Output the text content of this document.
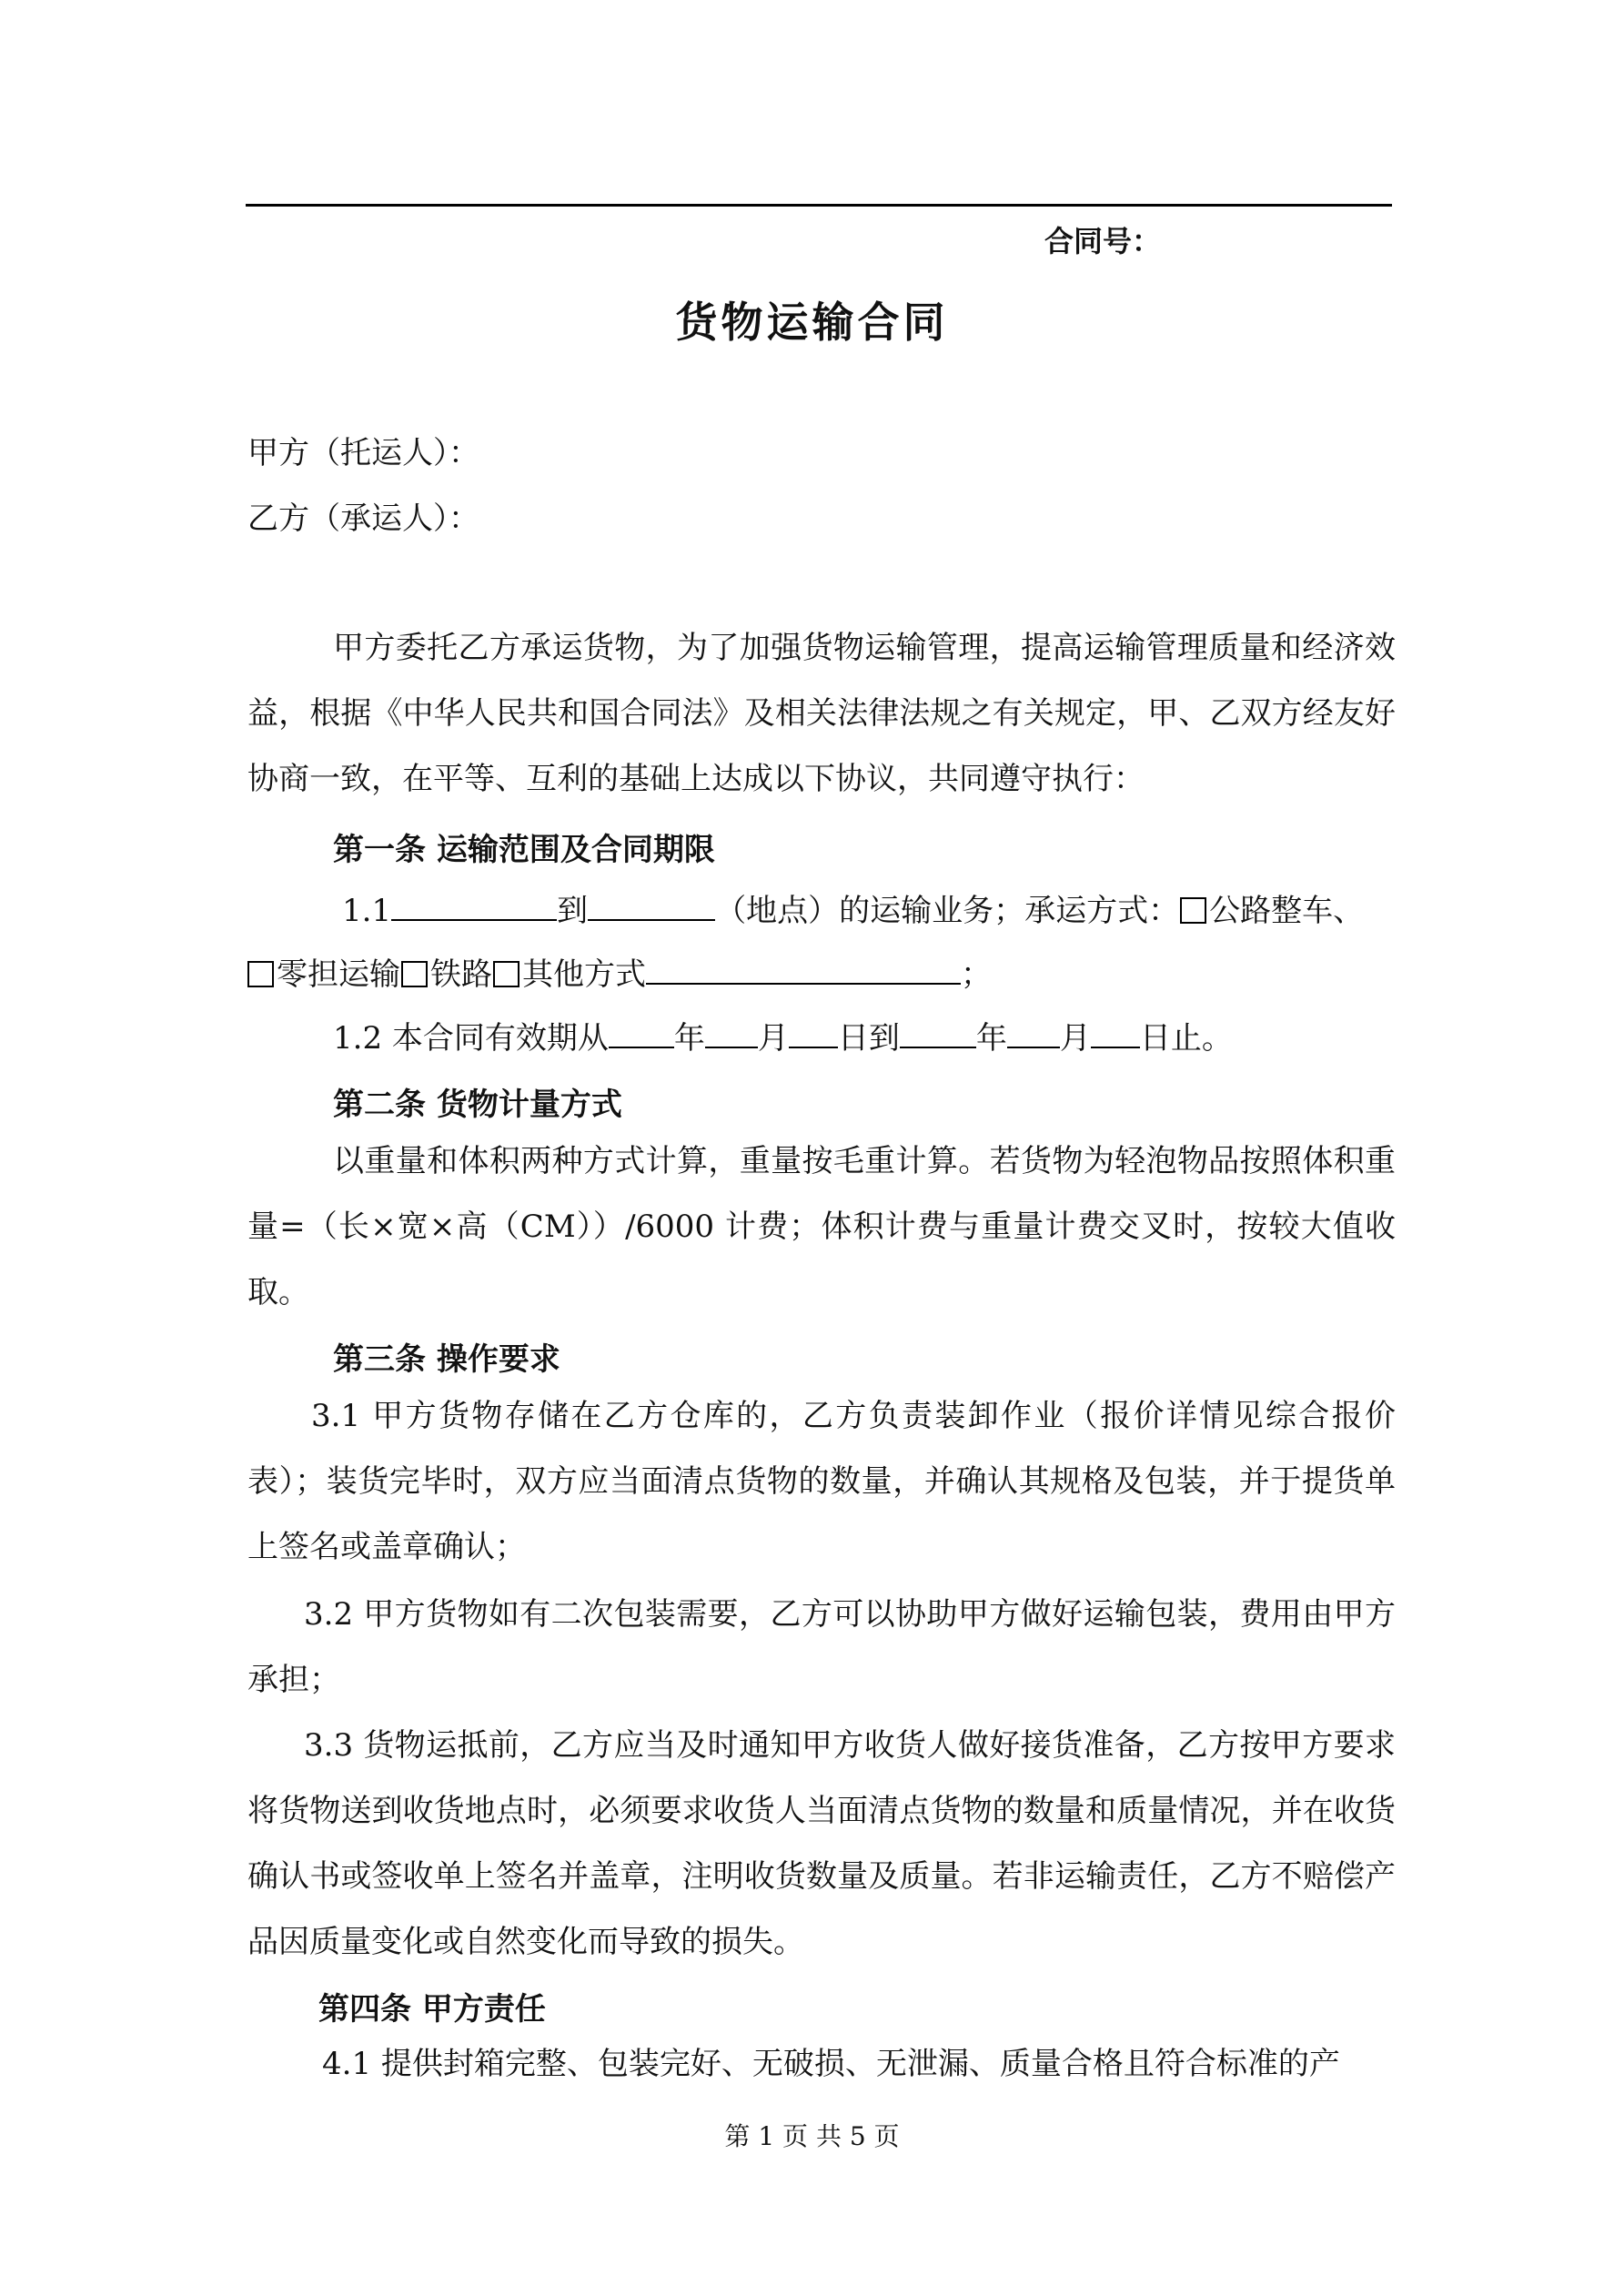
合同号：
货物运输合同
甲方（托运人）：
乙方（承运人）：
甲方委托乙方承运货物，为了加强货物运输管理，提高运输管理质量和经济效益，根据《中华人民共和国合同法》及相关法律法规之有关规定，甲、乙双方经友好协商一致，在平等、互利的基础上达成以下协议，共同遵守执行：
第一条 运输范围及合同期限
1.1	到	（地点）的运输业务；承运方式： 公路整车、
零担运输 铁路 其他方式	；
1.2 本合同有效期从 年 月 日到 年 月 日止。
第二条 货物计量方式
以重量和体积两种方式计算，重量按毛重计算。若货物为轻泡物品按照体积重量=（长×宽×高（CM））/6000 计费；体积计费与重量计费交叉时，按较大值收取。
第三条 操作要求
3.1 甲方货物存储在乙方仓库的，乙方负责装卸作业（报价详情见综合报价表）；装货完毕时，双方应当面清点货物的数量，并确认其规格及包装，并于提货单上签名或盖章确认；
3.2 甲方货物如有二次包装需要，乙方可以协助甲方做好运输包装，费用由甲方承担；
3.3 货物运抵前，乙方应当及时通知甲方收货人做好接货准备，乙方按甲方要求将货物送到收货地点时，必须要求收货人当面清点货物的数量和质量情况，并在收货确认书或签收单上签名并盖章，注明收货数量及质量。若非运输责任，乙方不赔偿产品因质量变化或自然变化而导致的损失。
第四条 甲方责任
4.1 提供封箱完整、包装完好、无破损、无泄漏、质量合格且符合标准的产
第 1 页 共 5 页
